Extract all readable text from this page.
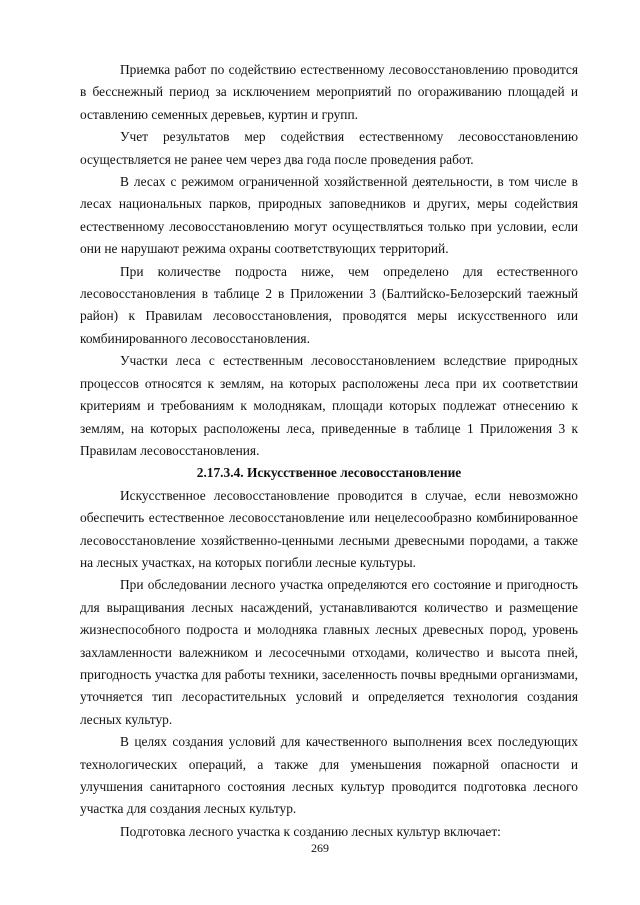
Приемка работ по содействию естественному лесовосстановлению проводится в бесснежный период за исключением мероприятий по огораживанию площадей и оставлению семенных деревьев, куртин и групп.

Учет результатов мер содействия естественному лесовосстановлению осуществляется не ранее чем через два года после проведения работ.

В лесах с режимом ограниченной хозяйственной деятельности, в том числе в лесах национальных парков, природных заповедников и других, меры содействия естественному лесовосстановлению могут осуществляться только при условии, если они не нарушают режима охраны соответствующих территорий.

При количестве подроста ниже, чем определено для естественного лесовосстановления в таблице 2 в Приложении 3 (Балтийско-Белозерский таежный район) к Правилам лесовосстановления, проводятся меры искусственного или комбинированного лесовосстановления.

Участки леса с естественным лесовосстановлением вследствие природных процессов относятся к землям, на которых расположены леса при их соответствии критериям и требованиям к молоднякам, площади которых подлежат отнесению к землям, на которых расположены леса, приведенные в таблице 1 Приложения 3 к Правилам лесовосстановления.

2.17.3.4. Искусственное лесовосстановление

Искусственное лесовосстановление проводится в случае, если невозможно обеспечить естественное лесовосстановление или нецелесообразно комбинированное лесовосстановление хозяйственно-ценными лесными древесными породами, а также на лесных участках, на которых погибли лесные культуры.

При обследовании лесного участка определяются его состояние и пригодность для выращивания лесных насаждений, устанавливаются количество и размещение жизнеспособного подроста и молодняка главных лесных древесных пород, уровень захламленности валежником и лесосечными отходами, количество и высота пней, пригодность участка для работы техники, заселенность почвы вредными организмами, уточняется тип лесорастительных условий и определяется технология создания лесных культур.

В целях создания условий для качественного выполнения всех последующих технологических операций, а также для уменьшения пожарной опасности и улучшения санитарного состояния лесных культур проводится подготовка лесного участка для создания лесных культур.

Подготовка лесного участка к созданию лесных культур включает:

269
